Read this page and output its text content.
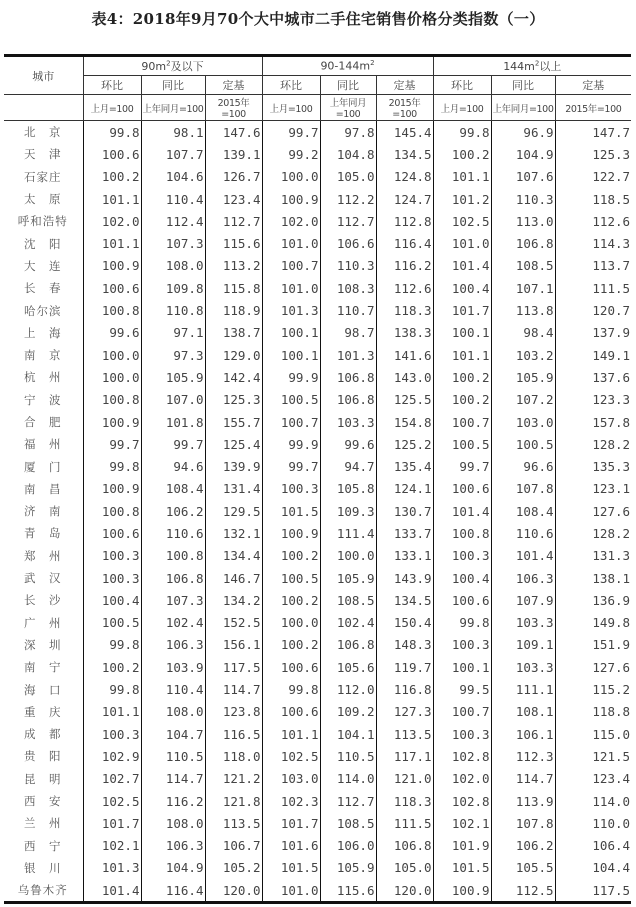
表4：2018年9月70个大中城市二手住宅销售价格分类指数（一）
城市	$90m^2$及以下			$90-144m^2$			$144m^2$以上		
	环比	同比	定基	环比	同比	定基	环比	同比	定基
	上月=100	上年同月=100	2015年=100	上月=100	上年同月=100	2015年=100	上月=100	上年同月=100	2015年=100
北　京	99.8	98.1	147.6	99.7	97.8	145.4	99.8	96.9	147.7
天　津	100.6	107.7	139.1	99.2	104.8	134.5	100.2	104.9	125.3
石家庄	100.2	104.6	126.7	100.0	105.0	124.8	101.1	107.6	122.7
太　原	101.1	110.4	123.4	100.9	112.2	124.7	101.2	110.3	118.5
呼和浩特	102.0	112.4	112.7	102.0	112.7	112.8	102.5	113.0	112.6
沈　阳	101.1	107.3	115.6	101.0	106.6	116.4	101.0	106.8	114.3
大　连	100.9	108.0	113.2	100.7	110.3	116.2	101.4	108.5	113.7
长　春	100.6	109.8	115.8	101.0	108.3	112.6	100.4	107.1	111.5
哈尔滨	100.8	110.8	118.9	101.3	110.7	118.3	101.7	113.8	120.7
上　海	99.6	97.1	138.7	100.1	98.7	138.3	100.1	98.4	137.9
南　京	100.0	97.3	129.0	100.1	101.3	141.6	101.1	103.2	149.1
杭　州	100.0	105.9	142.4	99.9	106.8	143.0	100.2	105.9	137.6
宁　波	100.8	107.0	125.3	100.5	106.8	125.5	100.2	107.2	123.3
合　肥	100.9	101.8	155.7	100.7	103.3	154.8	100.7	103.0	157.8
福　州	99.7	99.7	125.4	99.9	99.6	125.2	100.5	100.5	128.2
厦　门	99.8	94.6	139.9	99.7	94.7	135.4	99.7	96.6	135.3
南　昌	100.9	108.4	131.4	100.3	105.8	124.1	100.6	107.8	123.1
济　南	100.8	106.2	129.5	101.5	109.3	130.7	101.4	108.4	127.6
青　岛	100.6	110.6	132.1	100.9	111.4	133.7	100.8	110.6	128.2
郑　州	100.3	100.8	134.4	100.2	100.0	133.1	100.3	101.4	131.3
武　汉	100.3	106.8	146.7	100.5	105.9	143.9	100.4	106.3	138.1
长　沙	100.4	107.3	134.2	100.2	108.5	134.5	100.6	107.9	136.9
广　州	100.5	102.4	152.5	100.0	102.4	150.4	99.8	103.3	149.8
深　圳	99.8	106.3	156.1	100.2	106.8	148.3	100.3	109.1	151.9
南　宁	100.2	103.9	117.5	100.6	105.6	119.7	100.1	103.3	127.6
海　口	99.8	110.4	114.7	99.8	112.0	116.8	99.5	111.1	115.2
重　庆	101.1	108.0	123.8	100.6	109.2	127.3	100.7	108.1	118.8
成　都	100.3	104.7	116.5	101.1	104.1	113.5	100.3	106.1	115.0
贵　阳	102.9	110.5	118.0	102.5	110.5	117.1	102.8	112.3	121.5
昆　明	102.7	114.7	121.2	103.0	114.0	121.0	102.0	114.7	123.4
西　安	102.5	116.2	121.8	102.3	112.7	118.3	102.8	113.9	114.0
兰　州	101.7	108.0	113.5	101.7	108.5	111.5	102.1	107.8	110.0
西　宁	102.1	106.3	106.7	101.6	106.0	106.8	101.9	106.2	106.4
银　川	101.3	104.9	105.2	101.5	105.9	105.0	101.5	105.5	104.4
乌鲁木齐	101.4	116.4	120.0	101.0	115.6	120.0	100.9	112.5	117.5
